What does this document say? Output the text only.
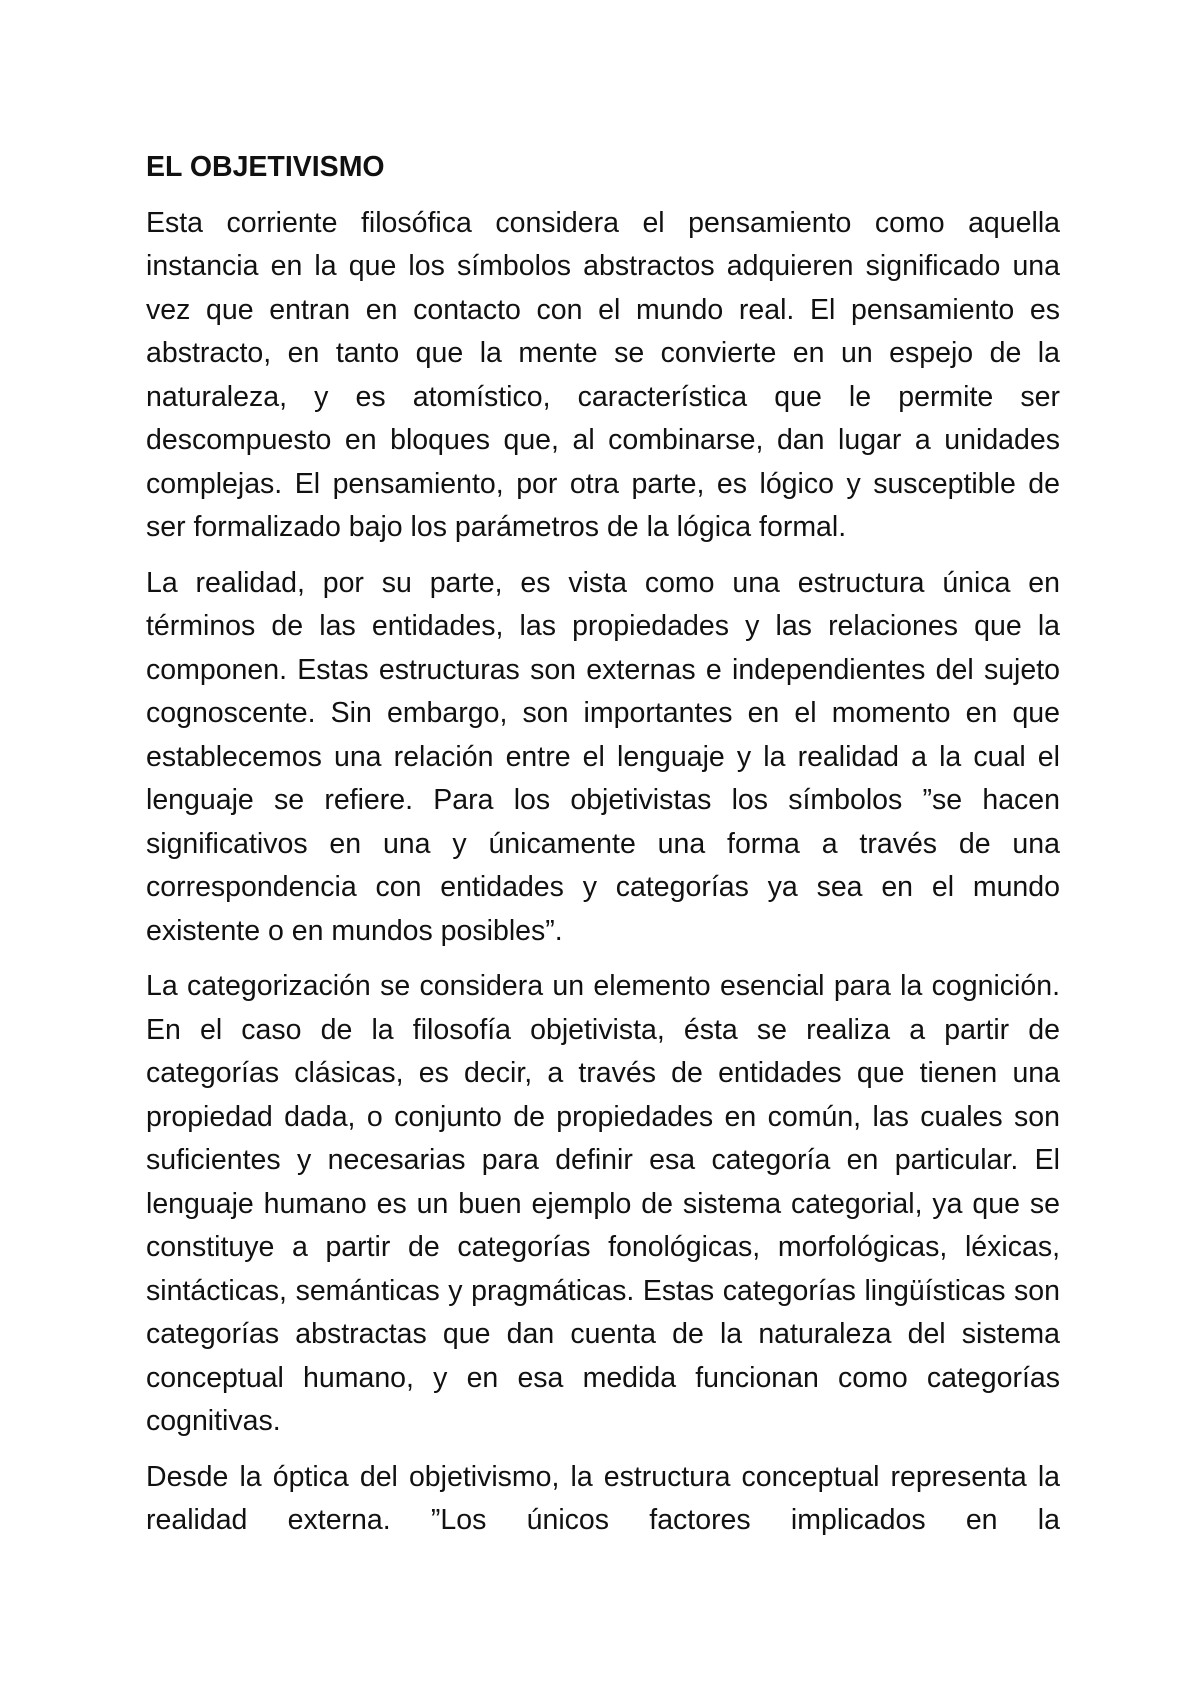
EL OBJETIVISMO

Esta corriente filosófica considera el pensamiento como aquella instancia en la que los símbolos abstractos adquieren significado una vez que entran en contacto con el mundo real. El pensamiento es abstracto, en tanto que la mente se convierte en un espejo de la naturaleza, y es atomístico, característica que le permite ser descompuesto en bloques que, al combinarse, dan lugar a unidades complejas. El pensamiento, por otra parte, es lógico y susceptible de ser formalizado bajo los parámetros de la lógica formal.

La realidad, por su parte, es vista como una estructura única en términos de las entidades, las propiedades y las relaciones que la componen. Estas estructuras son externas e independientes del sujeto cognoscente. Sin embargo, son importantes en el momento en que establecemos una relación entre el lenguaje y la realidad a la cual el lenguaje se refiere. Para los objetivistas los símbolos ”se hacen significativos en una y únicamente una forma a través de una correspondencia con entidades y categorías ya sea en el mundo existente o en mundos posibles”.

La categorización se considera un elemento esencial para la cognición. En el caso de la filosofía objetivista, ésta se realiza a partir de categorías clásicas, es decir, a través de entidades que tienen una propiedad dada, o conjunto de propiedades en común, las cuales son suficientes y necesarias para definir esa categoría en particular. El lenguaje humano es un buen ejemplo de sistema categorial, ya que se constituye a partir de categorías fonológicas, morfológicas, léxicas, sintácticas, semánticas y pragmáticas. Estas categorías lingüísticas son categorías abstractas que dan cuenta de la naturaleza del sistema conceptual humano, y en esa medida funcionan como categorías cognitivas.

Desde la óptica del objetivismo, la estructura conceptual representa la realidad externa. ”Los únicos factores implicados en la
